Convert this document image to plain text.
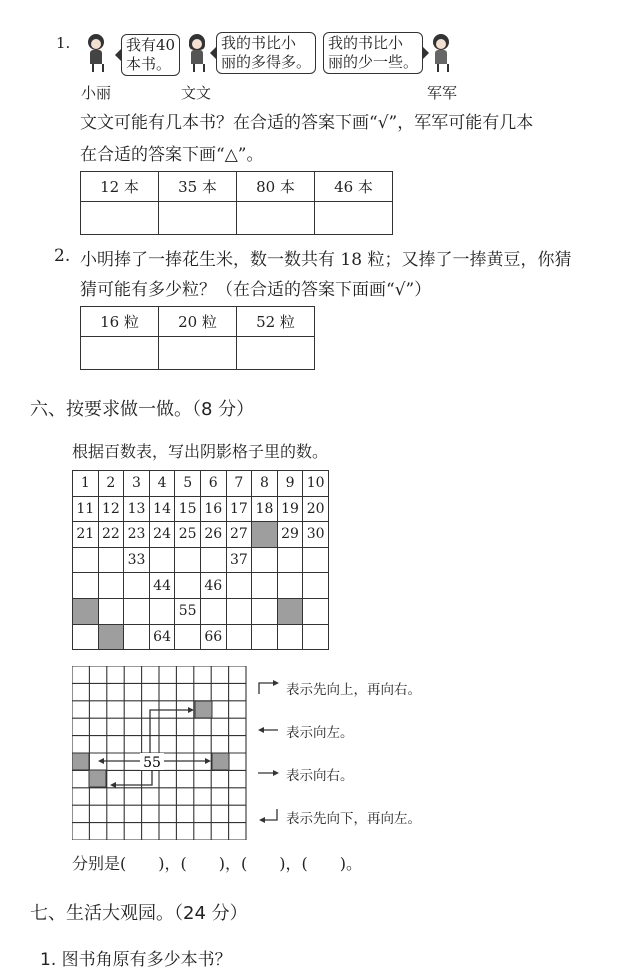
1.	我有40
本书。
小丽
我的书比小
丽的多得多。
文文
我的书比小
丽的少一些。
军军
文文可能有几本书？在合适的答案下画“√”，军军可能有几本
在合适的答案下画“△”。
12 本	35 本	80 本	46 本

2. 小明捧了一捧花生米，数一数共有 18 粒；又捧了一捧黄豆，你猜
猜可能有多少粒？（在合适的答案下面画“√”）
16 粒	20 粒	52 粒

六、按要求做一做。（8 分）
根据百数表，写出阴影格子里的数。
1	2	3	4	5	6	7	8	9	10
11	12	13	14	15	16	17	18	19	20
21	22	23	24	25	26	27		29	30
		33				37			
			44		46				
				55					
			64		66				
55
表示先向上，再向右。
表示向左。
表示向右。
表示先向下，再向左。
分别是(　　)，(　　)，(　　)，(　　)。
七、生活大观园。（24 分）
1. 图书角原有多少本书？
